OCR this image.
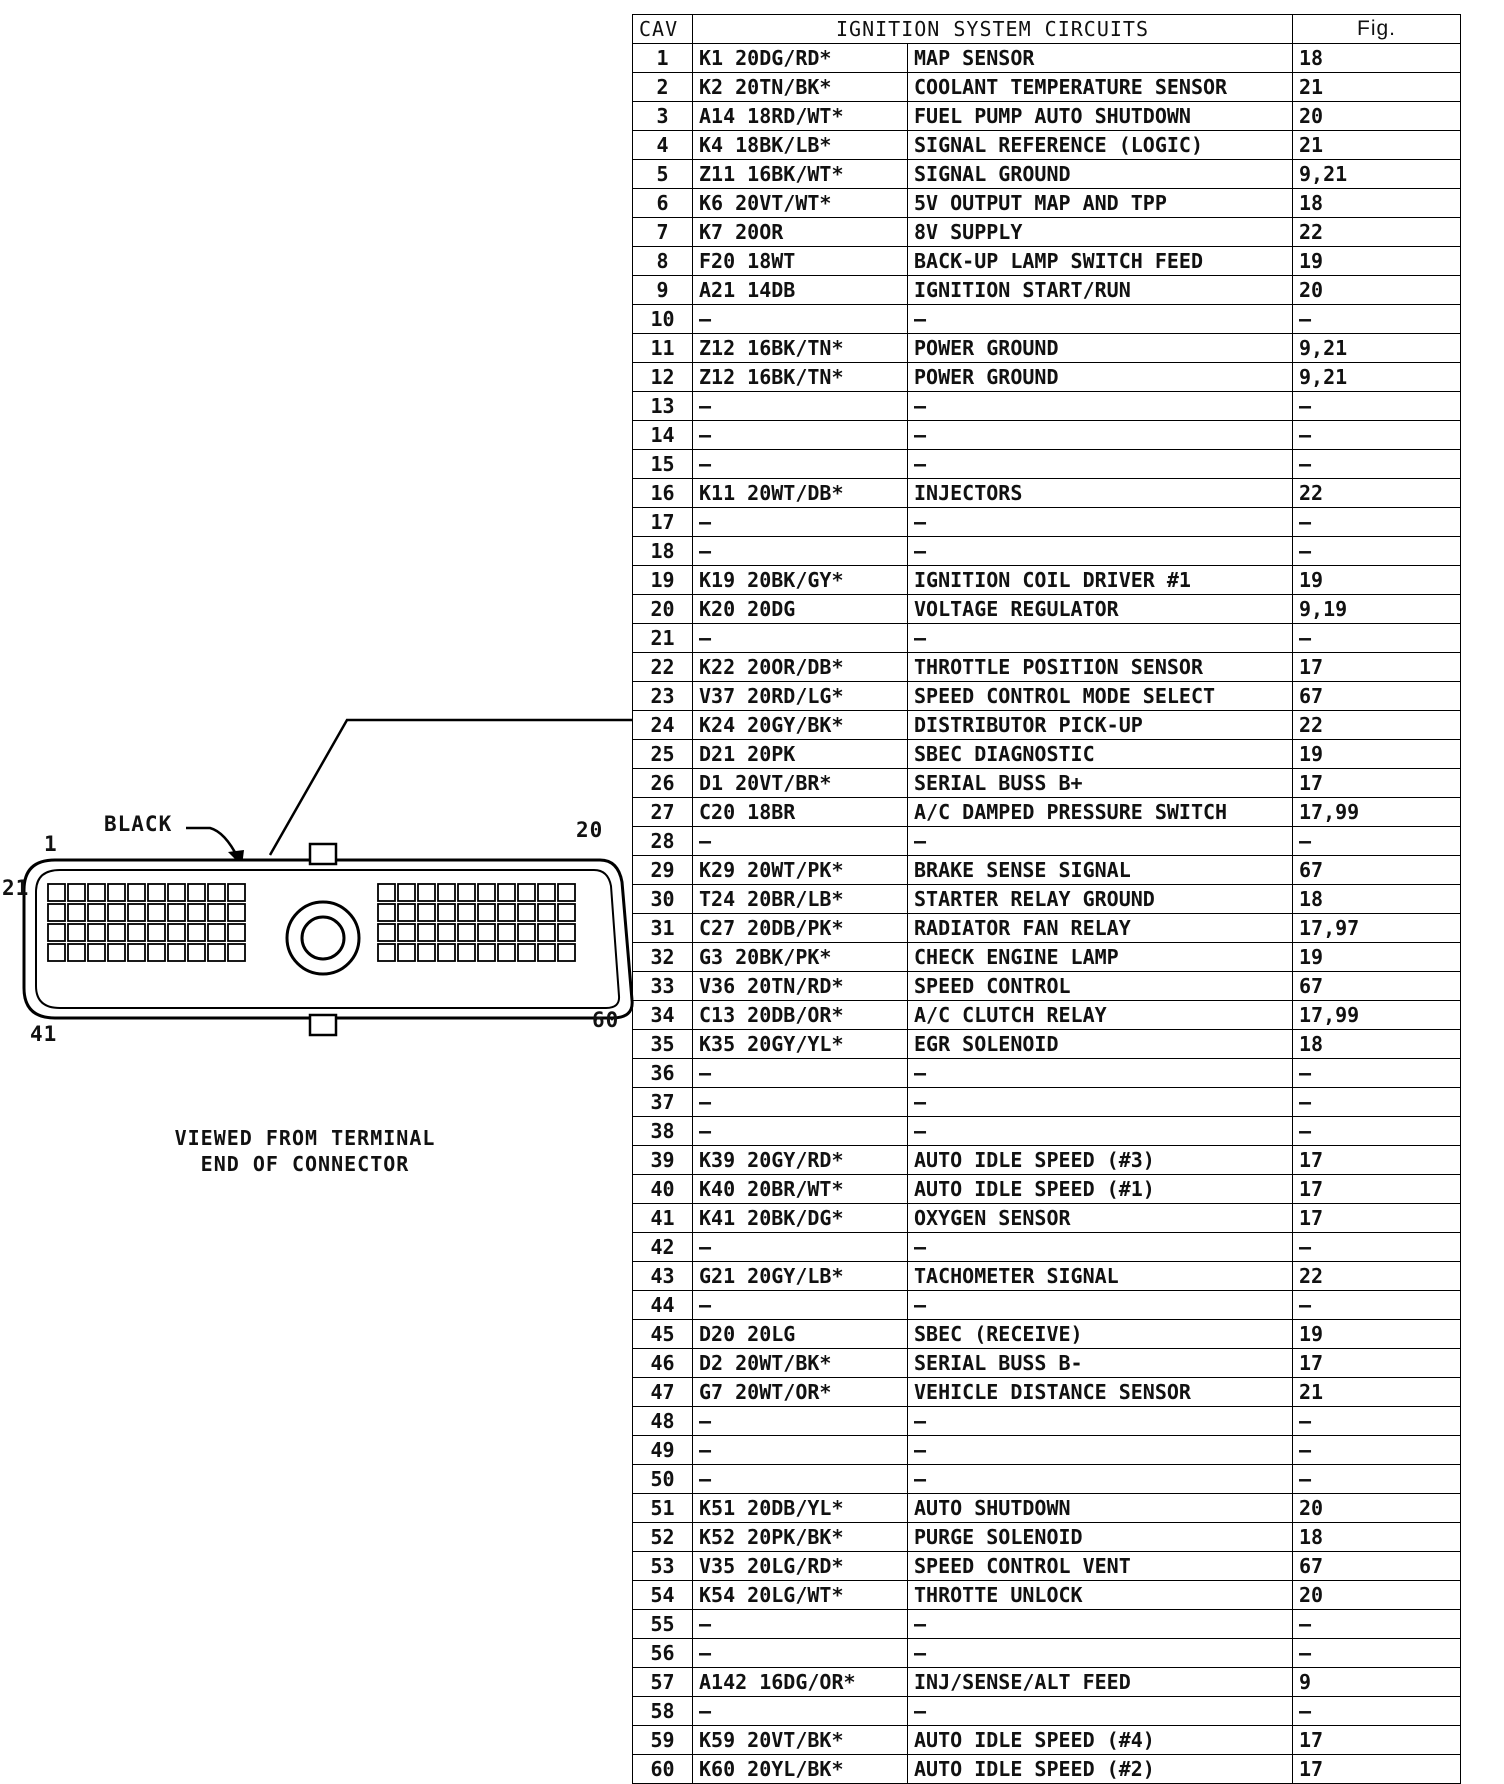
BLACK
1
20
21
41
60
VIEWED FROM TERMINAL
END OF CONNECTOR
CAV	IGNITION SYSTEM CIRCUITS		Fig.
1	K1 20DG/RD*	MAP SENSOR	18
2	K2 20TN/BK*	COOLANT TEMPERATURE SENSOR	21
3	A14 18RD/WT*	FUEL PUMP AUTO SHUTDOWN	20
4	K4 18BK/LB*	SIGNAL REFERENCE (LOGIC)	21
5	Z11 16BK/WT*	SIGNAL GROUND	9,21
6	K6 20VT/WT*	5V OUTPUT MAP AND TPP	18
7	K7 20OR	8V SUPPLY	22
8	F20 18WT	BACK-UP LAMP SWITCH FEED	19
9	A21 14DB	IGNITION START/RUN	20
10	—	—	—
11	Z12 16BK/TN*	POWER GROUND	9,21
12	Z12 16BK/TN*	POWER GROUND	9,21
13	—	—	—
14	—	—	—
15	—	—	—
16	K11 20WT/DB*	INJECTORS	22
17	—	—	—
18	—	—	—
19	K19 20BK/GY*	IGNITION COIL DRIVER #1	19
20	K20 20DG	VOLTAGE REGULATOR	9,19
21	—	—	—
22	K22 20OR/DB*	THROTTLE POSITION SENSOR	17
23	V37 20RD/LG*	SPEED CONTROL MODE SELECT	67
24	K24 20GY/BK*	DISTRIBUTOR PICK-UP	22
25	D21 20PK	SBEC DIAGNOSTIC	19
26	D1 20VT/BR*	SERIAL BUSS B+	17
27	C20 18BR	A/C DAMPED PRESSURE SWITCH	17,99
28	—	—	—
29	K29 20WT/PK*	BRAKE SENSE SIGNAL	67
30	T24 20BR/LB*	STARTER RELAY GROUND	18
31	C27 20DB/PK*	RADIATOR FAN RELAY	17,97
32	G3 20BK/PK*	CHECK ENGINE LAMP	19
33	V36 20TN/RD*	SPEED CONTROL	67
34	C13 20DB/OR*	A/C CLUTCH RELAY	17,99
35	K35 20GY/YL*	EGR SOLENOID	18
36	—	—	—
37	—	—	—
38	—	—	—
39	K39 20GY/RD*	AUTO IDLE SPEED (#3)	17
40	K40 20BR/WT*	AUTO IDLE SPEED (#1)	17
41	K41 20BK/DG*	OXYGEN SENSOR	17
42	—	—	—
43	G21 20GY/LB*	TACHOMETER SIGNAL	22
44	—	—	—
45	D20 20LG	SBEC (RECEIVE)	19
46	D2 20WT/BK*	SERIAL BUSS B-	17
47	G7 20WT/OR*	VEHICLE DISTANCE SENSOR	21
48	—	—	—
49	—	—	—
50	—	—	—
51	K51 20DB/YL*	AUTO SHUTDOWN	20
52	K52 20PK/BK*	PURGE SOLENOID	18
53	V35 20LG/RD*	SPEED CONTROL VENT	67
54	K54 20LG/WT*	THROTTE UNLOCK	20
55	—	—	—
56	—	—	—
57	A142 16DG/OR*	INJ/SENSE/ALT FEED	9
58	—	—	—
59	K59 20VT/BK*	AUTO IDLE SPEED (#4)	17
60	K60 20YL/BK*	AUTO IDLE SPEED (#2)	17
